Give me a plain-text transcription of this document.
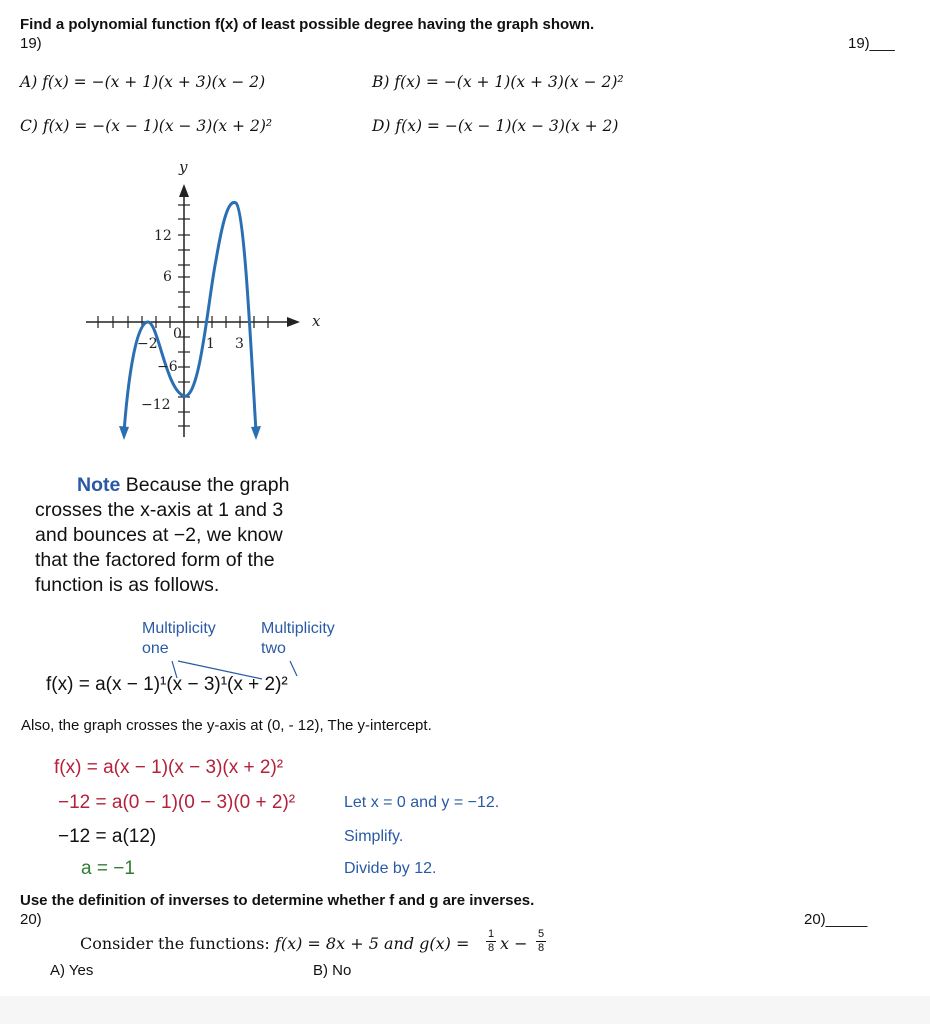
Find a polynomial function f(x) of least possible degree having the graph shown.
19)	19)___
A) f(x) = −(x + 1)(x + 3)(x − 2)	B) f(x) = −(x + 1)(x + 3)(x − 2)²
C) f(x) = −(x − 1)(x − 3)(x + 2)²	D) f(x) = −(x − 1)(x − 3)(x + 2)
y
x
0
12
6
−6
−12
−2	1 3
Note Because the graph
crosses the x-axis at 1 and 3
and bounces at −2, we know
that the factored form of the
function is as follows.
Multiplicity
one
Multiplicity
two
f(x) = a(x − 1)¹(x − 3)¹(x + 2)²
Also, the graph crosses the y-axis at (0, - 12), The y-intercept.
f(x) = a(x − 1)(x − 3)(x + 2)²
−12 = a(0 − 1)(0 − 3)(0 + 2)²	Let x = 0 and y = −12.
−12 = a(12)	Simplify.
a = −1	Divide by 12.
Use the definition of inverses to determine whether f and g are inverses.
20)	20)_____
Consider the functions: f(x) = 8x + 5 and $g(x) = \frac{1}{8}$ $x - \frac{5}{8}$
A) Yes	B) No
